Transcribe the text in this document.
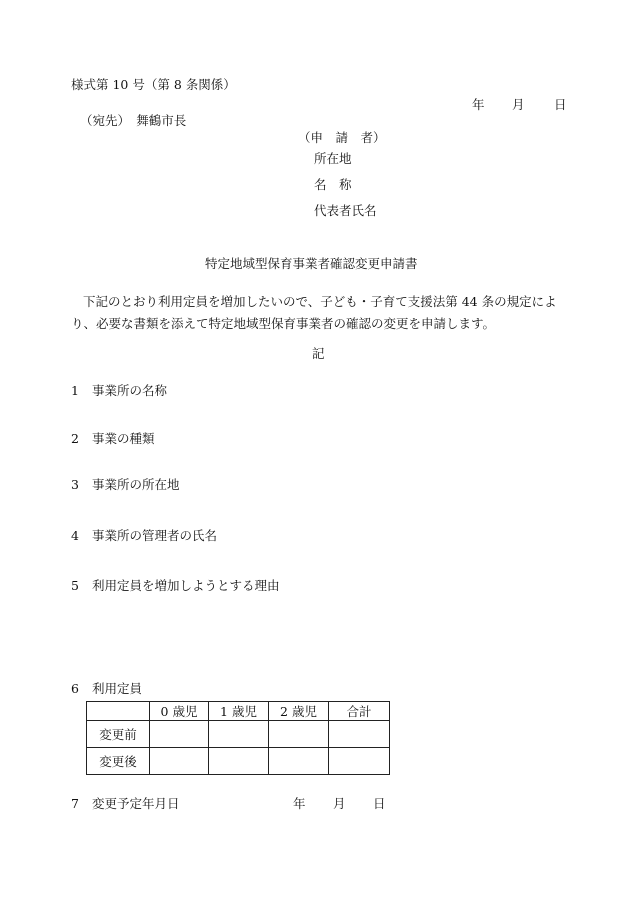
様式第 10 号（第 8 条関係）
年 月 日
（宛先）　舞鶴市長
（申　請　者）
所在地
名　称
代表者氏名
特定地域型保育事業者確認変更申請書
下記のとおり利用定員を増加したいので、子ども・子育て支援法第 44 条の規定により、必要な書類を添えて特定地域型保育事業者の確認の変更を申請します。
記
1 事業所の名称
2 事業の種類
3 事業所の所在地
4 事業所の管理者の氏名
5 利用定員を増加しようとする理由
6 利用定員
	0 歳児	1 歳児	2 歳児	合計
変更前				
変更後				
7 変更予定年月日	年 月 日
